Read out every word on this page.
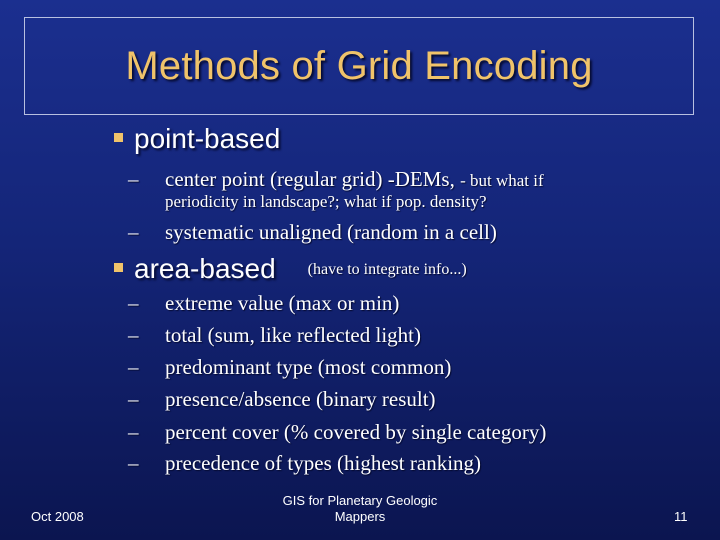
Methods of Grid Encoding
point-based
– center point (regular grid) -DEMs, - but what if
periodicity in landscape?; what if pop. density?
– systematic unaligned (random in a cell)
area-based (have to integrate info...)
– extreme value (max or min)
– total (sum, like reflected light)
– predominant type (most common)
– presence/absence (binary result)
– percent cover (% covered by single category)
– precedence of types (highest ranking)
Oct 2008
GIS for Planetary Geologic
Mappers	11
